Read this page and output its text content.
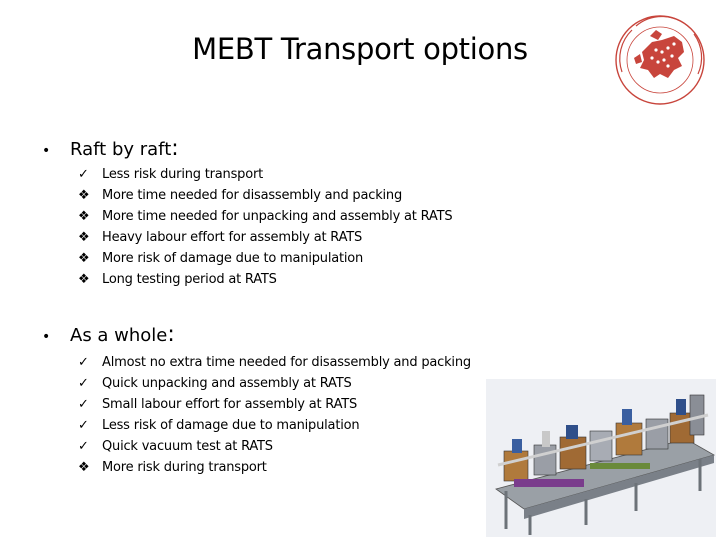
MEBT Transport options
•	Raft by raft :
✓	Less risk during transport
❖ More time needed for disassembly and packing
❖ More time needed for unpacking and assembly at RATS
❖ Heavy labour effort for assembly at RATS
❖ More risk of damage due to manipulation
❖ Long testing period at RATS
•	As a whole :
✓	Almost no extra time needed for disassembly and packing
✓	Quick unpacking and assembly at RATS
✓	Small labour effort for assembly at RATS
✓	Less risk of damage due to manipulation
✓	Quick vacuum test at RATS
❖ More risk during transport
